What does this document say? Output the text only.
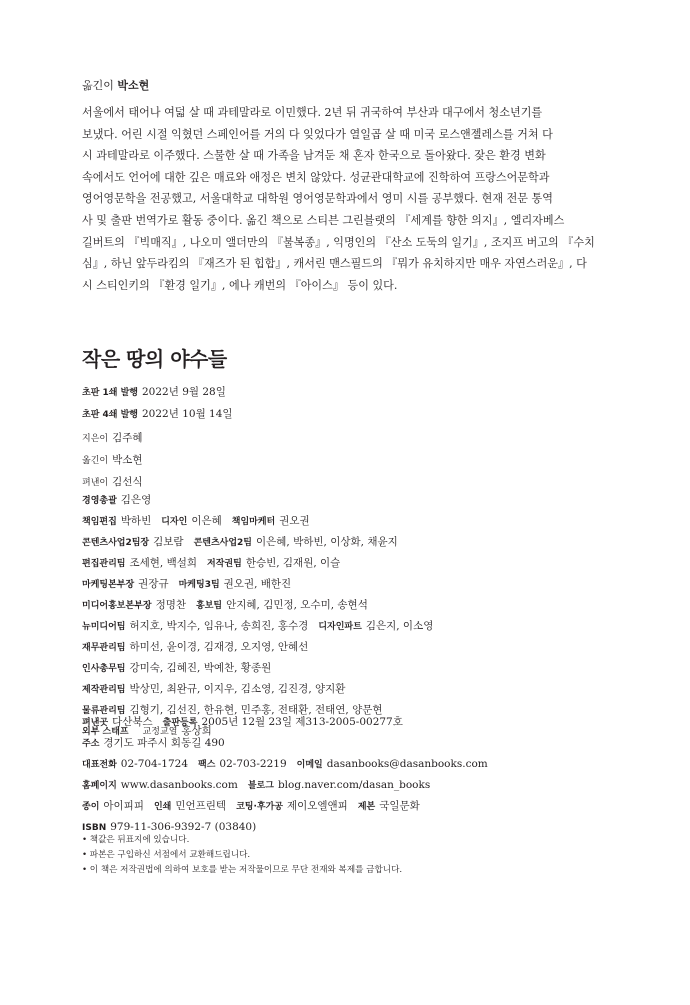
옮긴이 박소현

서울에서 태어나 여덟 살 때 과테말라로 이민했다. 2년 뒤 귀국하여 부산과 대구에서 청소년기를
보냈다. 어린 시절 익혔던 스페인어를 거의 다 잊었다가 열일곱 살 때 미국 로스앤젤레스를 거쳐 다
시 과테말라로 이주했다. 스물한 살 때 가족을 남겨둔 채 혼자 한국으로 돌아왔다. 잦은 환경 변화
속에서도 언어에 대한 깊은 매료와 애정은 변치 않았다. 성균관대학교에 진학하여 프랑스어문학과
영어영문학을 전공했고, 서울대학교 대학원 영어영문학과에서 영미 시를 공부했다. 현재 전문 통역
사 및 출판 번역가로 활동 중이다. 옮긴 책으로 스티븐 그린블랫의 『세계를 향한 의지』, 엘리자베스
길버트의 『빅매직』, 나오미 앨더만의 『불복종』, 익명인의 『산소 도둑의 일기』, 조지프 버고의 『수치
심』, 하닌 앞두라킴의 『재즈가 된 힙합』, 캐서린 맨스필드의 『뭐가 유치하지만 매우 자연스러운』, 다
시 스티인키의 『환경 일기』, 에나 캐번의 『아이스』 등이 있다.

작은 땅의 야수들
초판 1쇄 발행 2022년 9월 28일
초판 4쇄 발행 2022년 10월 14일
지은이 김주혜
옮긴이 박소현
펴낸이 김선식
경영총괄 김은영
책임편집 박하빈 디자인 이은혜 책임마케터 권오권
콘텐츠사업2팀장 김보람 콘텐츠사업2팀 이은혜, 박하빈, 이상화, 채윤지
편집관리팀 조세현, 백설희 저작권팀 한승빈, 김재원, 이슬
마케팅본부장 권장규 마케팅3팀 권오권, 배한진
미디어홍보본부장 정명찬 홍보팀 안지혜, 김민정, 오수미, 송현석
뉴미디어팀 허지호, 박지수, 임유나, 송희진, 홍수경 디자인파트 김은지, 이소영
재무관리팀 하미선, 윤이경, 김재경, 오지영, 안혜선
인사총무팀 강미숙, 김혜진, 박예찬, 황종원
제작관리팀 박상민, 최완규, 이지우, 김소영, 김진경, 양지환
물류관리팀 김형기, 김선진, 한유현, 민주홍, 전태환, 전태연, 양문현
외부 스태프 교정교열 홍상희
펴낸곳 다산북스 출판등록 2005년 12월 23일 제313-2005-00277호
주소 경기도 파주시 회동길 490
대표전화 02-704-1724 팩스 02-703-2219 이메일 dasanbooks@dasanbooks.com
홈페이지 www.dasanbooks.com 블로그 blog.naver.com/dasan_books
종이 아이피피 인쇄 민언프린텍 코팅·후가공 제이오엘앤피 제본 국일문화
ISBN 979-11-306-9392-7 (03840)
• 책값은 뒤표지에 있습니다.
• 파본은 구입하신 서점에서 교환해드립니다.
• 이 책은 저작권법에 의하여 보호를 받는 저작물이므로 무단 전재와 복제를 금합니다.
